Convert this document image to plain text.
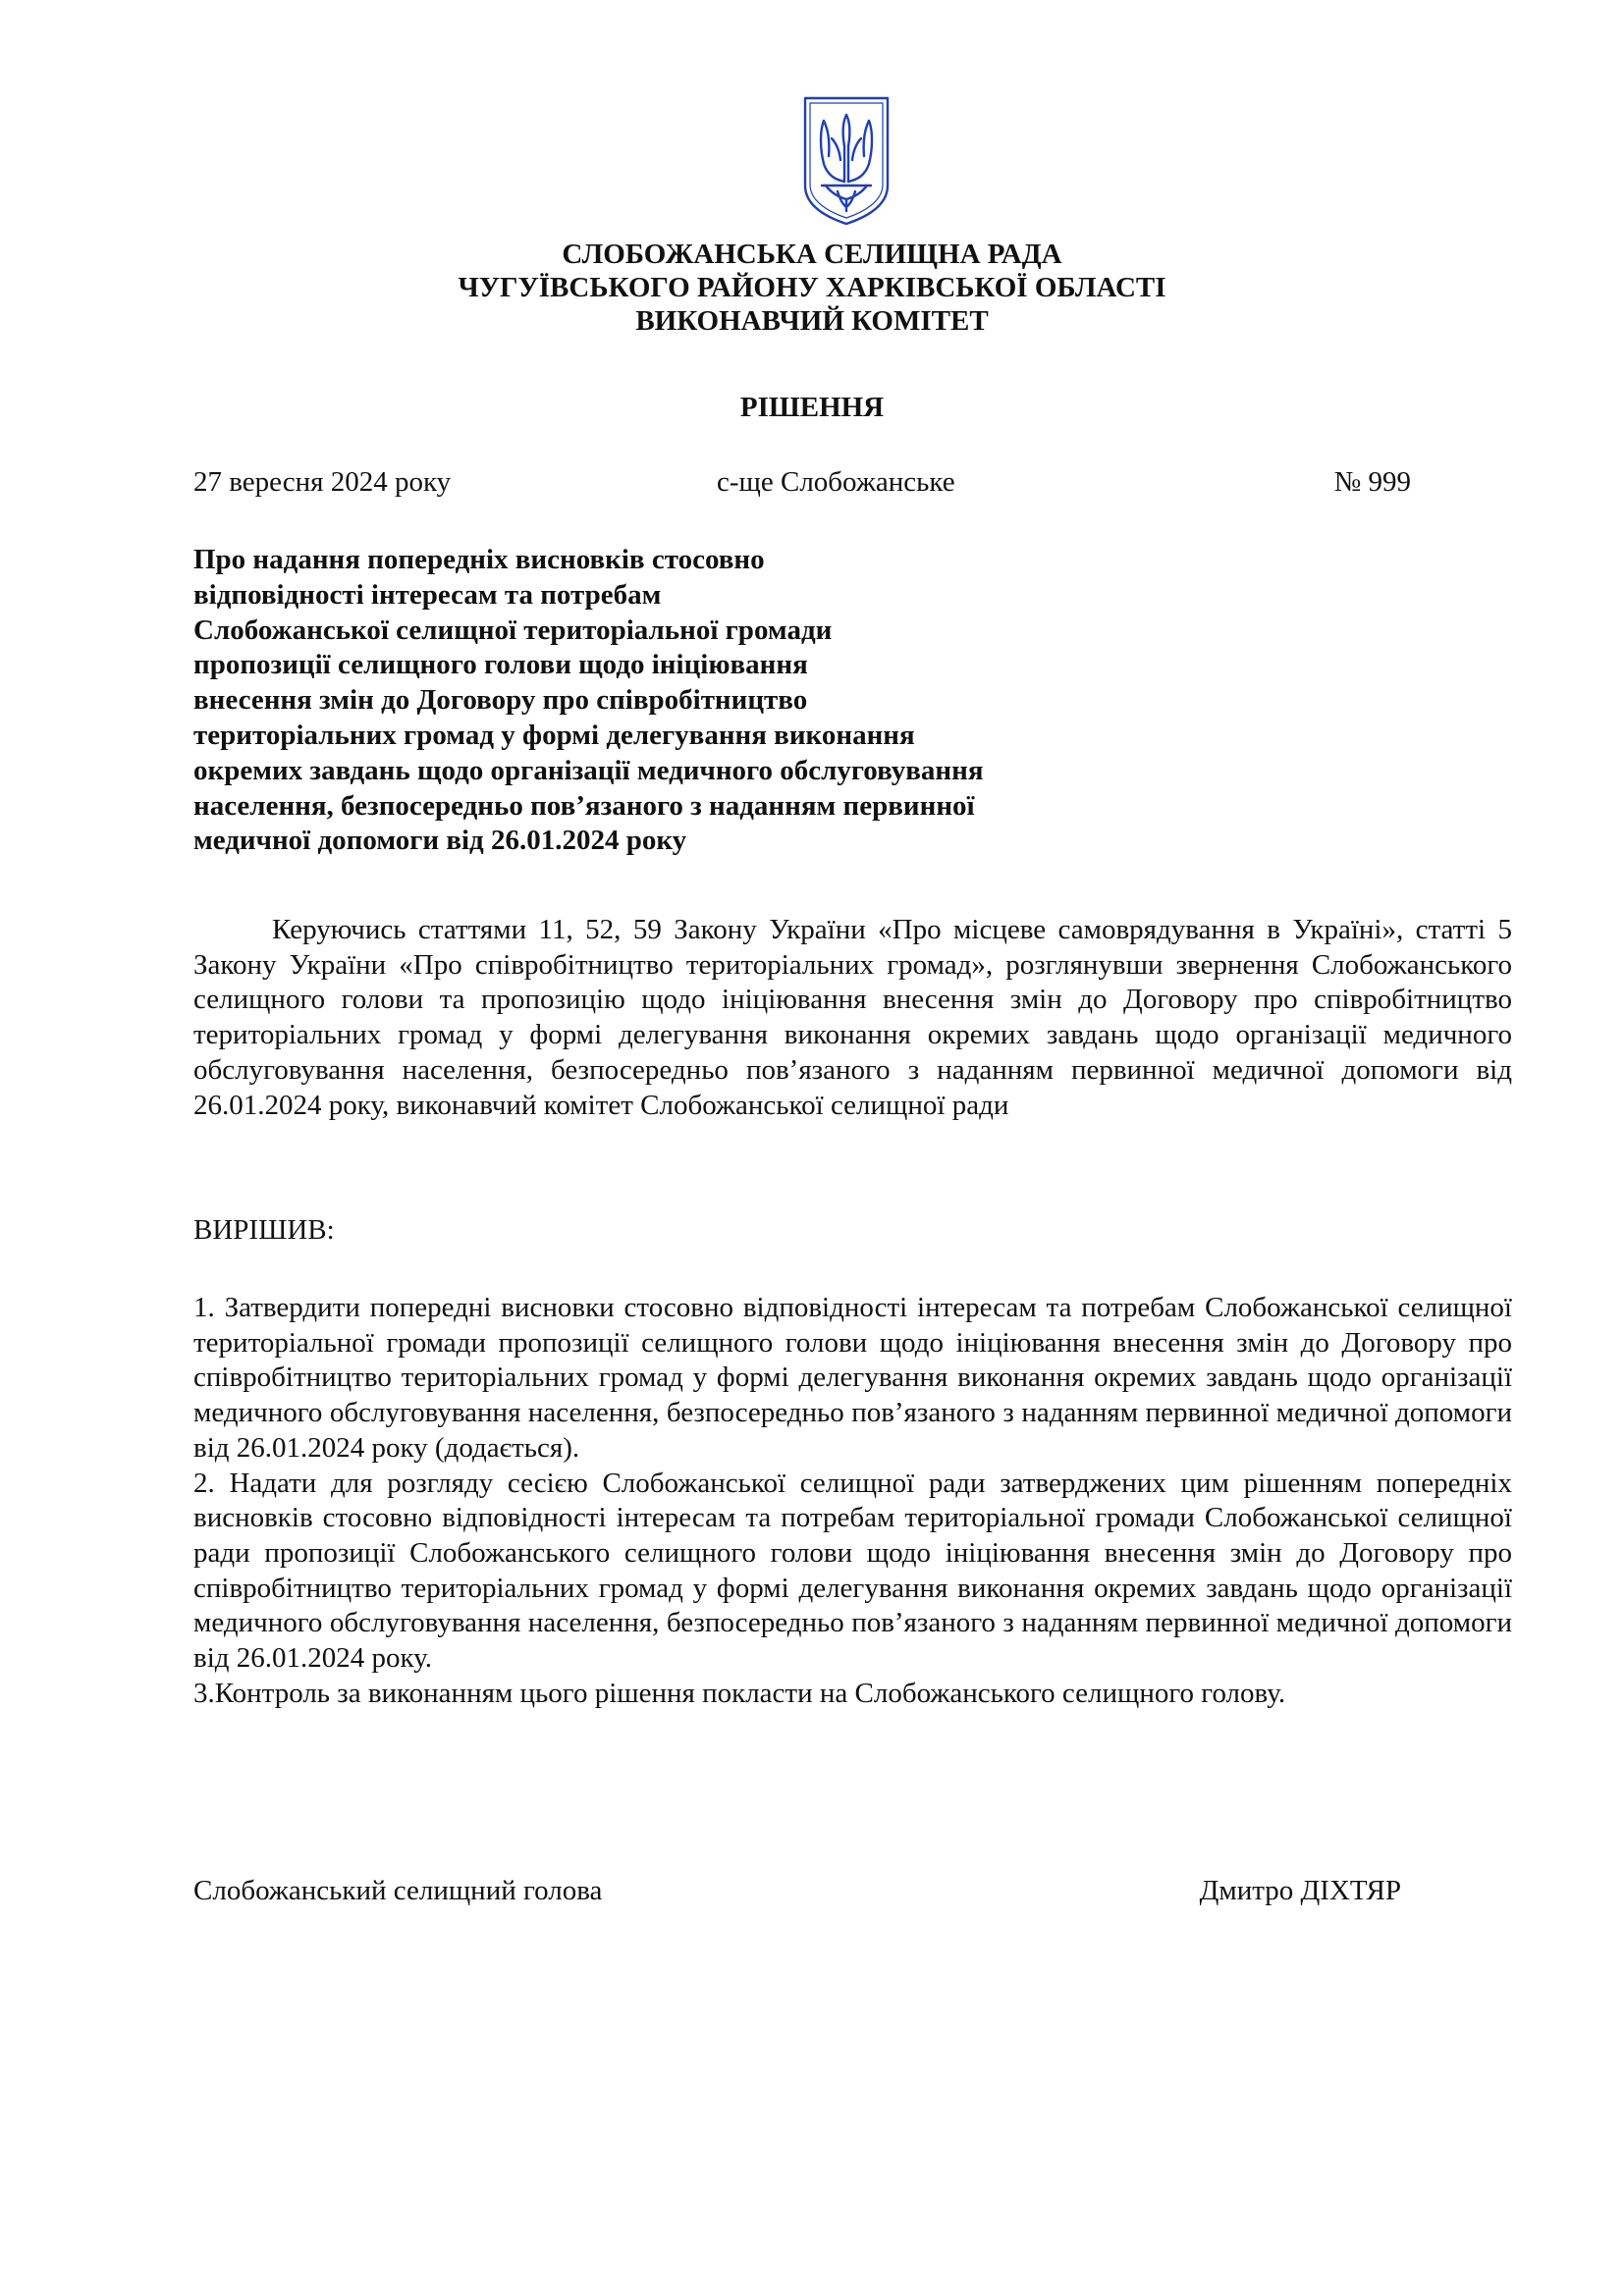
СЛОБОЖАНСЬКА СЕЛИЩНА РАДА
ЧУГУЇВСЬКОГО РАЙОНУ ХАРКІВСЬКОЇ ОБЛАСТІ
ВИКОНАВЧИЙ КОМІТЕТ
РІШЕННЯ
27 вересня 2024 року	с-ще Слобожанське	№ 999
Про надання попередніх висновків стосовно
відповідності інтересам та потребам
Слобожанської селищної територіальної громади
пропозиції селищного голови щодо ініціювання
внесення змін до Договору про співробітництво
територіальних громад у формі делегування виконання
окремих завдань щодо організації медичного обслуговування
населення, безпосередньо пов’язаного з наданням первинної
медичної допомоги від 26.01.2024 року
Керуючись статтями 11, 52, 59 Закону України «Про місцеве самоврядування в Україні», статті 5 Закону України «Про співробітництво територіальних громад», розглянувши звернення Слобожанського селищного голови та пропозицію щодо ініціювання внесення змін до Договору про співробітництво територіальних громад у формі делегування виконання окремих завдань щодо організації медичного обслуговування населення, безпосередньо пов’язаного з наданням первинної медичної допомоги від 26.01.2024 року, виконавчий комітет Слобожанської селищної ради
ВИРІШИВ:

1. Затвердити попередні висновки стосовно відповідності інтересам та потребам Слобожанської селищної територіальної громади пропозиції селищного голови щодо ініціювання внесення змін до Договору про співробітництво територіальних громад у формі делегування виконання окремих завдань щодо організації медичного обслуговування населення, безпосередньо пов’язаного з наданням первинної медичної допомоги від 26.01.2024 року (додається).

2. Надати для розгляду сесією Слобожанської селищної ради затверджених цим рішенням попередніх висновків стосовно відповідності інтересам та потребам територіальної громади Слобожанської селищної ради пропозиції Слобожанського селищного голови щодо ініціювання внесення змін до Договору про співробітництво територіальних громад у формі делегування виконання окремих завдань щодо організації медичного обслуговування населення, безпосередньо пов’язаного з наданням первинної медичної допомоги від 26.01.2024 року.

3.Контроль за виконанням цього рішення покласти на Слобожанського селищного голову.

Слобожанський селищний голова	Дмитро ДІХТЯР
